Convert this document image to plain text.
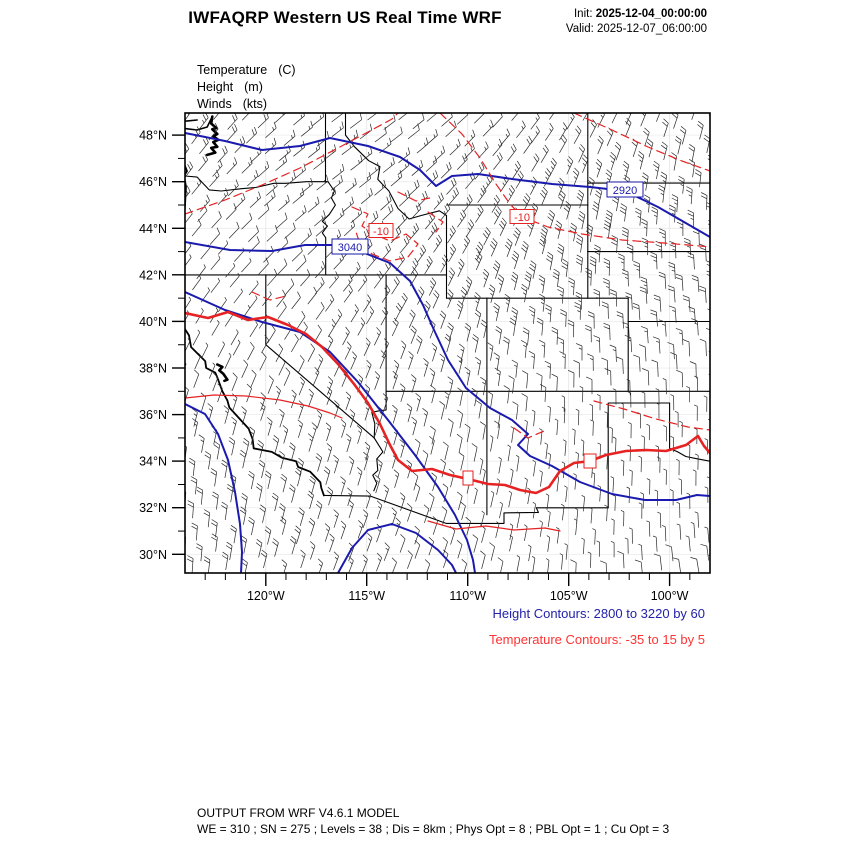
IWFAQRP Western US Real Time WRF	Init: 2025-12-04_00:00:00
Valid: 2025-12-07_06:00:00
Temperature (C)
Height (m)
Winds (kts)
3040
2920
-10
-10
48°N
46°N
44°N
42°N
40°N
38°N
36°N
34°N
32°N
30°N
120°W	115°W	110°W	105°W	100°W
Height Contours: 2800 to 3220 by 60
Temperature Contours: -35 to 15 by 5
OUTPUT FROM WRF V4.6.1 MODEL
WE = 310 ; SN = 275 ; Levels = 38 ; Dis = 8km ; Phys Opt = 8 ; PBL Opt = 1 ; Cu Opt = 3
